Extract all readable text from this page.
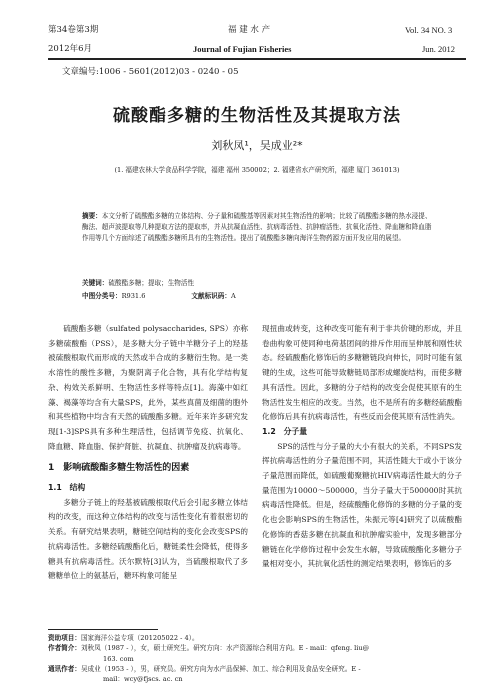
第34卷第3期	福 建 水 产	Vol. 34 NO. 3
2012年6月	Journal of Fujian Fisheries	Jun. 2012
文章编号:1006 - 5601(2012)03 - 0240 - 05
硫酸酯多糖的生物活性及其提取方法
刘秋凤¹，吴成业²*
(1. 福建农林大学食品科学学院，福建 福州 350002；2. 福建省水产研究所，福建 厦门 361013)
摘要：本文分析了硫酸酯多糖的立体结构、分子量和硫酸基等因素对其生物活性的影响；比较了硫酸酯多糖的热水浸提、酶法、超声波提取等几种提取方法的提取率，并从抗凝血活性、抗病毒活性、抗肿瘤活性、抗氧化活性、降血糖和降血脂作用等几个方面综述了硫酸酯多糖所具有的生物活性。提出了硫酸酯多糖向海洋生物药源方面开发应用的展望。
关键词：硫酸酯多糖；提取；生物活性
中图分类号：R931.6	文献标识码：A

硫酸酯多糖（sulfated polysaccharides, SPS）亦称多糖硫酸酯（PSS），是多糖大分子链中羊糖分子上的羟基被硫酸根取代而形成的天然或半合成的多糖衍生物。是一类水溶性的酸性多糖，为聚阴离子化合物，具有化学结构复杂、构效关系鲜明、生物活性多样等特点[1]。海藻中如红藻、褐藻等均含有大量SPS，此外，某些真菌及细菌的胞外和其些植物中均含有天然的硫酸酯多糖。近年来许多研究发现[1-3]SPS具有多种生理活性，包括调节免疫、抗氧化、降血糖、降血脂、保护肾脏、抗凝血、抗肿瘤及抗病毒等。

1　影响硫酸酯多糖生物活性的因素
1.1　结构

多糖分子链上的羟基被硫酸根取代后会引起多糖立体结构的改变，而这种立体结构的改变与活性变化有着很密切的关系。有研究结果表明，糖链空间结构的变化会改变SPS的抗病毒活性。多糖经硫酸酯化后，糖链柔性会降低，使得多糖具有抗病毒活性。沃尔默特[3]认为，当硫酸根取代了多糖糖单位上的氨基后，糖环构象可能呈

现扭曲或转变，这种改变可能有利于非共价键的形成，并且卷曲构象可使同种电荷基团间的排斥作用而呈伸展和刚性状态。经硫酸酯化修饰后的多糖糖链段向伸长，同时可能有氢键的生成，这些可能导致糖链局部形成螺旋结构，而使多糖具有活性。因此，多糖的分子结构的改变会促使其原有的生物活性发生相应的改变。当然，也不是所有的多糖经硫酸酯化修饰后具有抗病毒活性，有些反而会使其原有活性消失。

1.2　分子量

SPS的活性与分子量的大小有很大的关系，不同SPS发挥抗病毒活性的分子量范围不同，其活性随大于或小于该分子量范围而降低，如硫酸葡聚糖抗HIV病毒活性最大的分子量范围为10000～500000，当分子量大于500000时其抗病毒活性降低。但是，经硫酸酯化修饰的多糖的分子量的变化也会影响SPS的生物活性，朱振元等[4]研究了以硫酸酯化修饰的香菇多糖在抗凝血和抗肿瘤实验中，发现多糖部分糖链在化学修饰过程中会发生水解，导致硫酸酯化多糖分子量相对变小，其抗氧化活性的测定结果表明，修饰后的多

资助项目： 国家海洋公益专项（201205022 - 4）。
作者简介： 刘秋凤（1987 - ），女，硕士研究生。研究方向：水产资源综合利用方向。E - mail：qfeng. liu@
163. com
通讯作者： 吴成业（1953 - ），男，研究员。研究方向为水产品保鲜、加工、综合利用及食品安全研究。E -
mail：wcy@fjscs. ac. cn
